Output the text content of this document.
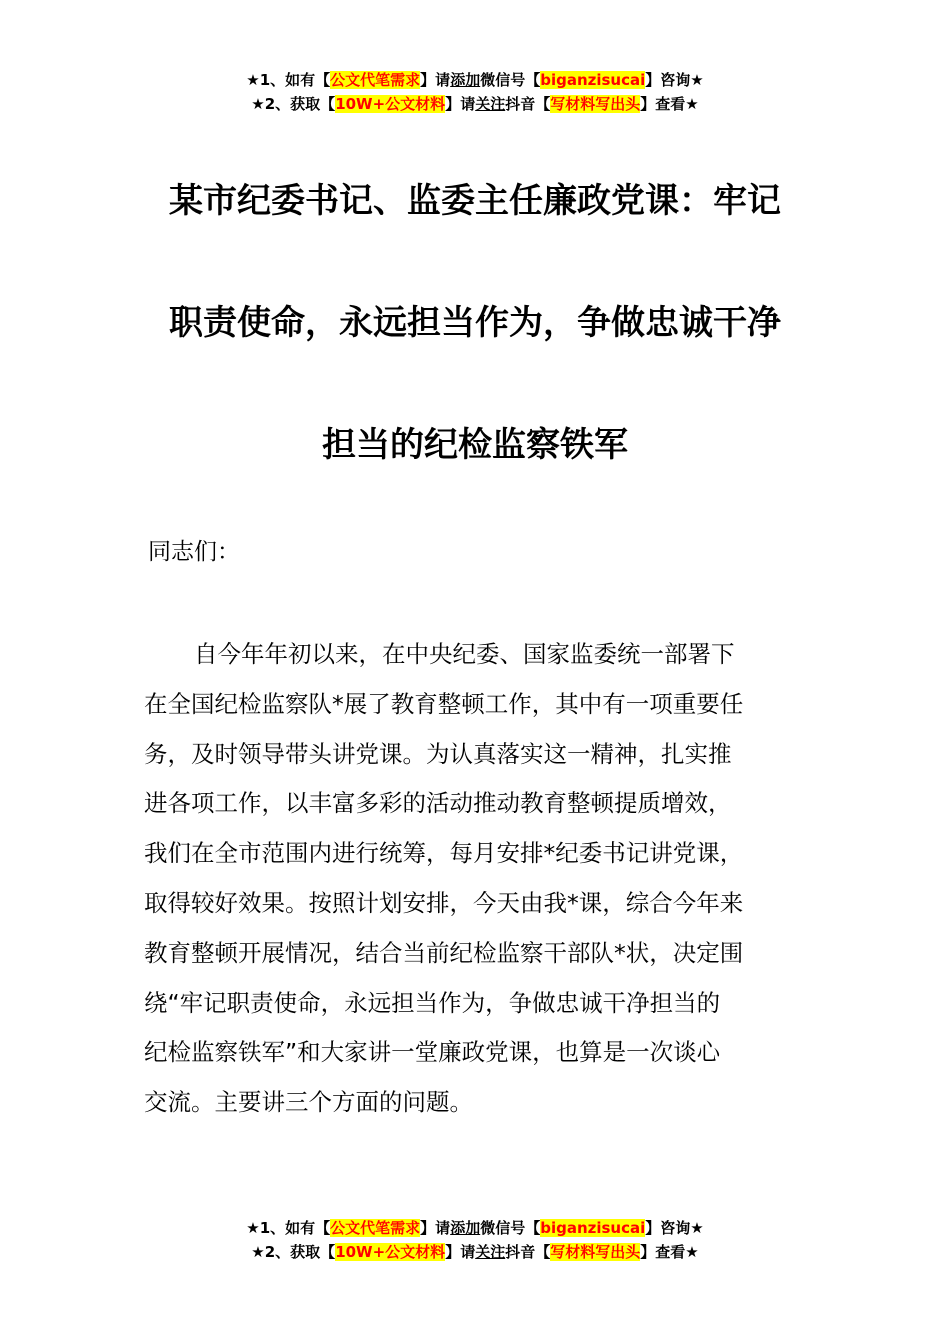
★1、如有【公文代笔需求】请添加微信号【biganzisucai】咨询★
★2、获取【10W+公文材料】请关注抖音【写材料写出头】查看★
某市纪委书记、监委主任廉政党课：牢记
职责使命，永远担当作为，争做忠诚干净
担当的纪检监察铁军

同志们：

自今年年初以来，在中央纪委、国家监委统一部署下
在全国纪检监察队*展了教育整顿工作，其中有一项重要任
务，及时领导带头讲党课。为认真落实这一精神，扎实推
进各项工作，以丰富多彩的活动推动教育整顿提质增效，
我们在全市范围内进行统筹，每月安排*纪委书记讲党课，
取得较好效果。按照计划安排，今天由我*课，综合今年来
教育整顿开展情况，结合当前纪检监察干部队*状，决定围
绕“牢记职责使命，永远担当作为，争做忠诚干净担当的
纪检监察铁军”和大家讲一堂廉政党课，也算是一次谈心
交流。主要讲三个方面的问题。

★1、如有【公文代笔需求】请添加微信号【biganzisucai】咨询★
★2、获取【10W+公文材料】请关注抖音【写材料写出头】查看★
